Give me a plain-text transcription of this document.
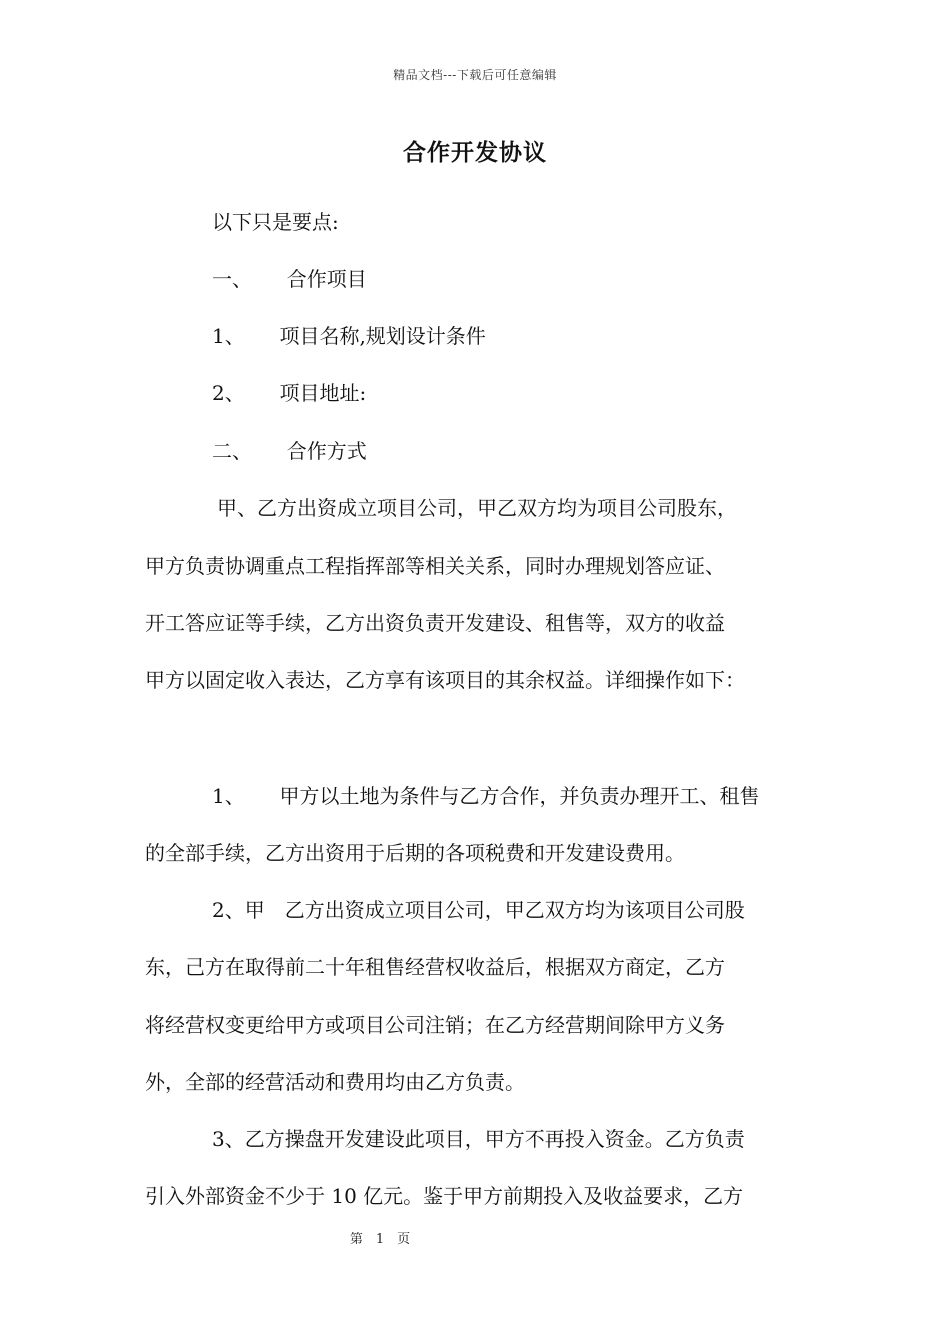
精品文档---下载后可任意编辑
合作开发协议
以下只是要点:
一、 合作项目
1、 项目名称,规划设计条件
2、 项目地址:
二、 合作方式
甲、乙方出资成立项目公司，甲乙双方均为项目公司股东，
甲方负责协调重点工程指挥部等相关关系，同时办理规划答应证、
开工答应证等手续，乙方出资负责开发建设、租售等，双方的收益
甲方以固定收入表达，乙方享有该项目的其余权益。详细操作如下：
1、 甲方以土地为条件与乙方合作，并负责办理开工、租售
的全部手续，乙方出资用于后期的各项税费和开发建设费用。
2、甲　乙方出资成立项目公司，甲乙双方均为该项目公司股
东，己方在取得前二十年租售经营权收益后，根据双方商定，乙方
将经营权变更给甲方或项目公司注销；在乙方经营期间除甲方义务
外，全部的经营活动和费用均由乙方负责。
3、乙方操盘开发建设此项目，甲方不再投入资金。乙方负责
引入外部资金不少于 10 亿元。鉴于甲方前期投入及收益要求，乙方
第　1　页
